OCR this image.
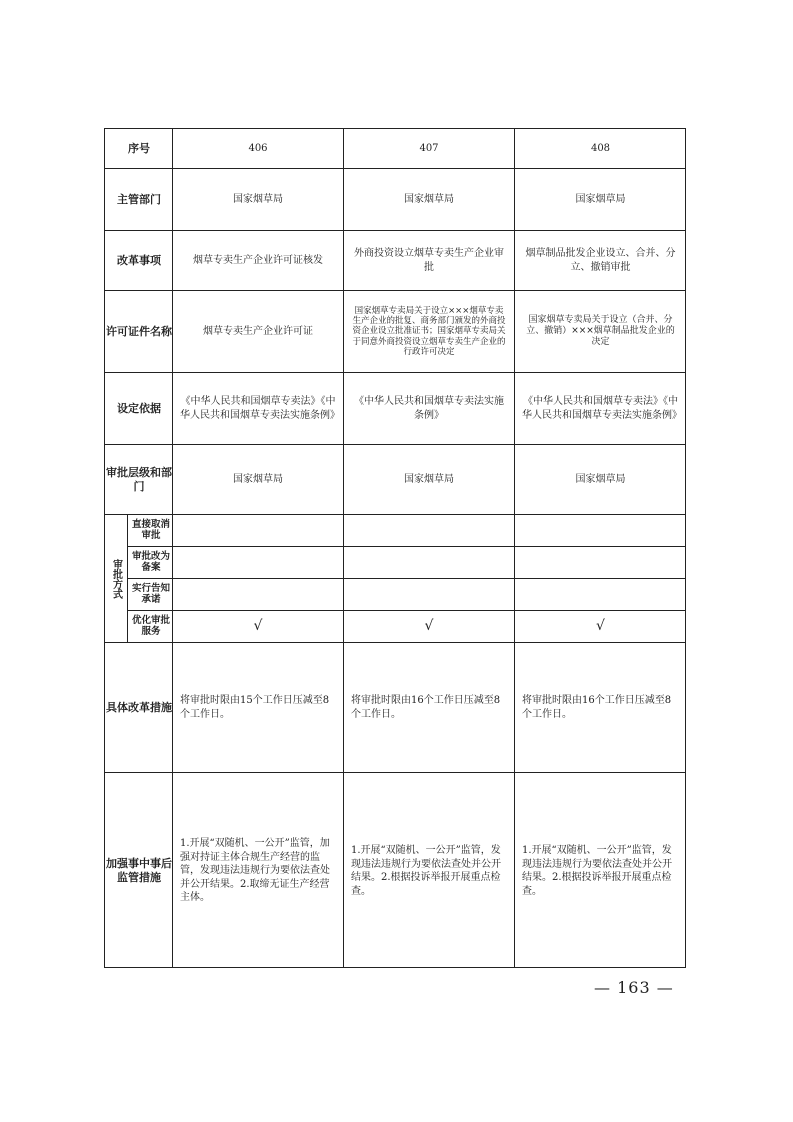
序号
主管部门
改革事项
许可证件名称
设定依据
审批层级和部门
审批方式
直接取消审批
审批改为备案
实行告知承诺
优化审批服务
具体改革措施
加强事中事后监管措施
406
国家烟草局
烟草专卖生产企业许可证核发
烟草专卖生产企业许可证
《中华人民共和国烟草专卖法》《中华人民共和国烟草专卖法实施条例》
国家烟草局
√
将审批时限由15个工作日压减至8个工作日。
1.开展“双随机、一公开”监管，加强对持证主体合规生产经营的监管，发现违法违规行为要依法查处并公开结果。2.取缔无证生产经营主体。
407
国家烟草局
外商投资设立烟草专卖生产企业审批
国家烟草专卖局关于设立×××烟草专卖生产企业的批复、商务部门颁发的外商投资企业设立批准证书；国家烟草专卖局关于同意外商投资设立烟草专卖生产企业的行政许可决定
《中华人民共和国烟草专卖法实施条例》
国家烟草局
√
将审批时限由16个工作日压减至8个工作日。
1.开展“双随机、一公开”监管，发现违法违规行为要依法查处并公开结果。2.根据投诉举报开展重点检查。
408
国家烟草局
烟草制品批发企业设立、合并、分立、撤销审批
国家烟草专卖局关于设立（合并、分立、撤销）×××烟草制品批发企业的决定
《中华人民共和国烟草专卖法》《中华人民共和国烟草专卖法实施条例》
国家烟草局
√
将审批时限由16个工作日压减至8个工作日。
1.开展“双随机、一公开”监管，发现违法违规行为要依法查处并公开结果。2.根据投诉举报开展重点检查。
— 163 —
